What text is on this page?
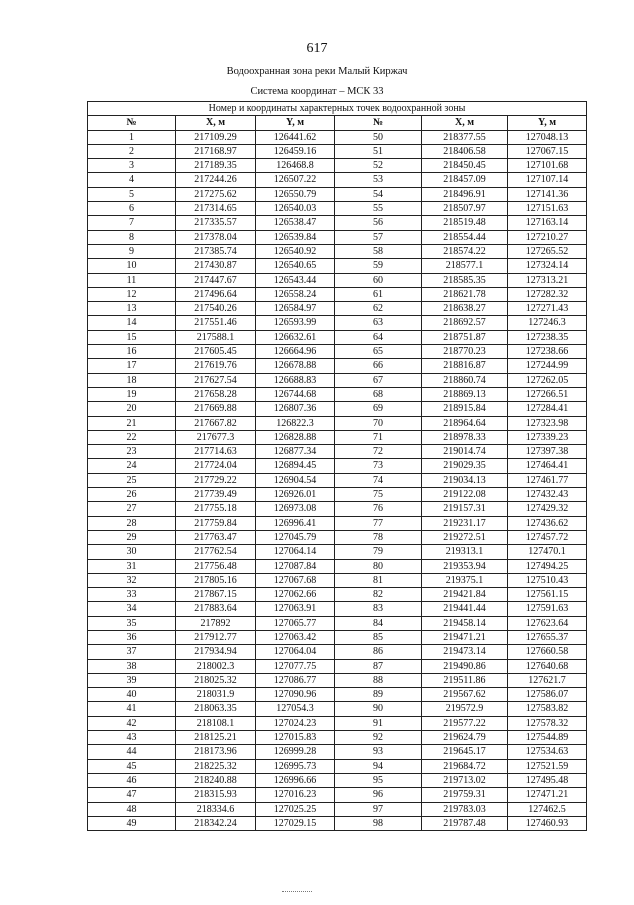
617
Водоохранная зона реки Малый Киржач
Система координат – МСК 33
Номер и координаты характерных точек водоохранной зоны					
№	X, м	Y, м	№	X, м	Y, м
1	217109.29	126441.62	50	218377.55	127048.13
2	217168.97	126459.16	51	218406.58	127067.15
3	217189.35	126468.8	52	218450.45	127101.68
4	217244.26	126507.22	53	218457.09	127107.14
5	217275.62	126550.79	54	218496.91	127141.36
6	217314.65	126540.03	55	218507.97	127151.63
7	217335.57	126538.47	56	218519.48	127163.14
8	217378.04	126539.84	57	218554.44	127210.27
9	217385.74	126540.92	58	218574.22	127265.52
10	217430.87	126540.65	59	218577.1	127324.14
11	217447.67	126543.44	60	218585.35	127313.21
12	217496.64	126558.24	61	218621.78	127282.32
13	217540.26	126584.97	62	218638.27	127271.43
14	217551.46	126593.99	63	218692.57	127246.3
15	217588.1	126632.61	64	218751.87	127238.35
16	217605.45	126664.96	65	218770.23	127238.66
17	217619.76	126678.88	66	218816.87	127244.99
18	217627.54	126688.83	67	218860.74	127262.05
19	217658.28	126744.68	68	218869.13	127266.51
20	217669.88	126807.36	69	218915.84	127284.41
21	217667.82	126822.3	70	218964.64	127323.98
22	217677.3	126828.88	71	218978.33	127339.23
23	217714.63	126877.34	72	219014.74	127397.38
24	217724.04	126894.45	73	219029.35	127464.41
25	217729.22	126904.54	74	219034.13	127461.77
26	217739.49	126926.01	75	219122.08	127432.43
27	217755.18	126973.08	76	219157.31	127429.32
28	217759.84	126996.41	77	219231.17	127436.62
29	217763.47	127045.79	78	219272.51	127457.72
30	217762.54	127064.14	79	219313.1	127470.1
31	217756.48	127087.84	80	219353.94	127494.25
32	217805.16	127067.68	81	219375.1	127510.43
33	217867.15	127062.66	82	219421.84	127561.15
34	217883.64	127063.91	83	219441.44	127591.63
35	217892	127065.77	84	219458.14	127623.64
36	217912.77	127063.42	85	219471.21	127655.37
37	217934.94	127064.04	86	219473.14	127660.58
38	218002.3	127077.75	87	219490.86	127640.68
39	218025.32	127086.77	88	219511.86	127621.7
40	218031.9	127090.96	89	219567.62	127586.07
41	218063.35	127054.3	90	219572.9	127583.82
42	218108.1	127024.23	91	219577.22	127578.32
43	218125.21	127015.83	92	219624.79	127544.89
44	218173.96	126999.28	93	219645.17	127534.63
45	218225.32	126995.73	94	219684.72	127521.59
46	218240.88	126996.66	95	219713.02	127495.48
47	218315.93	127016.23	96	219759.31	127471.21
48	218334.6	127025.25	97	219783.03	127462.5
49	218342.24	127029.15	98	219787.48	127460.93
